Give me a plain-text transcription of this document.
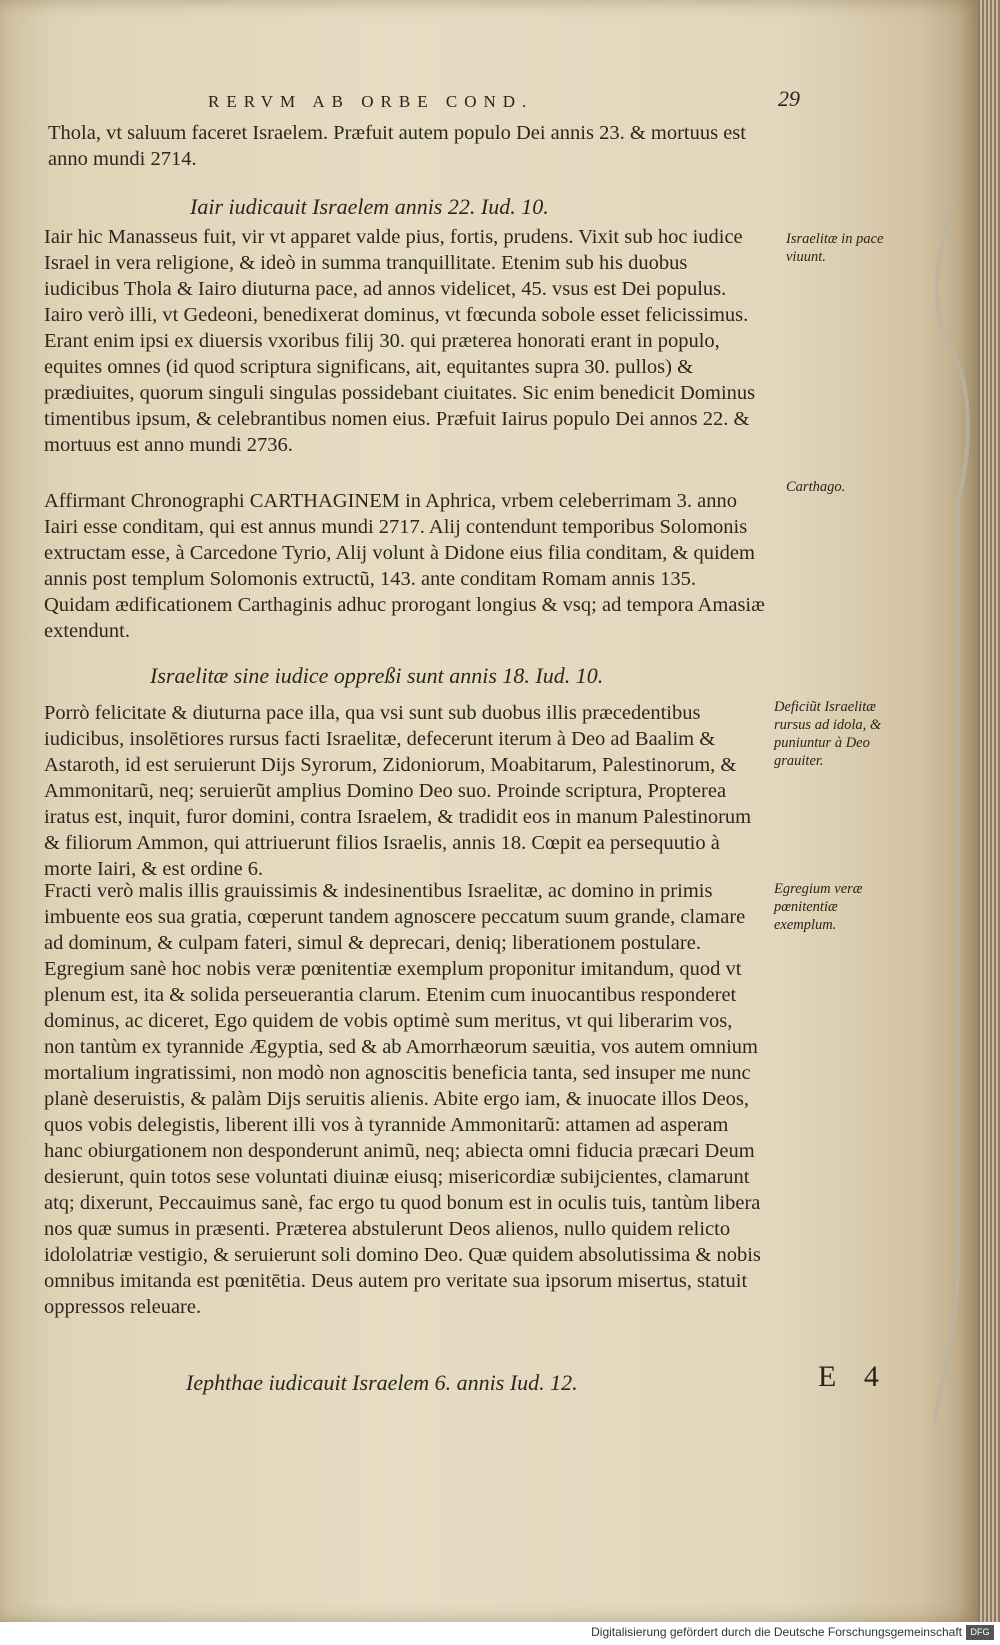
RERVM AB ORBE COND.	29

Thola, vt saluum faceret Israelem. Præfuit autem populo Dei annis 23. & mortuus est anno mundi 2714.

Iair iudicauit Israelem annis 22. Iud. 10.

Iair hic Manasseus fuit, vir vt apparet valde pius, fortis, prudens. Vixit sub hoc iudice Israel in vera religione, & ideò in summa tranquillitate. Etenim sub his duobus iudicibus Thola & Iairo diuturna pace, ad annos videlicet, 45. vsus est Dei populus. Iairo verò illi, vt Gedeoni, benedixerat dominus, vt fœcunda sobole esset felicissimus. Erant enim ipsi ex diuersis vxoribus filij 30. qui præterea honorati erant in populo, equites omnes (id quod scriptura significans, ait, equitantes supra 30. pullos) & prædiuites, quorum singuli singulas possidebant ciuitates. Sic enim benedicit Dominus timentibus ipsum, & celebrantibus nomen eius. Præfuit Iairus populo Dei annos 22. & mortuus est anno mundi 2736.

Affirmant Chronographi CARTHAGINEM in Aphrica, vrbem celeberrimam 3. anno Iairi esse conditam, qui est annus mundi 2717. Alij contendunt temporibus Solomonis extructam esse, à Carcedone Tyrio, Alij volunt à Didone eius filia conditam, & quidem annis post templum Solomonis extructũ, 143. ante conditam Romam annis 135. Quidam ædificationem Carthaginis adhuc prorogant longius & vsq; ad tempora Amasiæ extendunt.

Israelitæ sine iudice oppreßi sunt annis 18. Iud. 10.

Porrò felicitate & diuturna pace illa, qua vsi sunt sub duobus illis præcedentibus iudicibus, insolētiores rursus facti Israelitæ, defecerunt iterum à Deo ad Baalim & Astaroth, id est seruierunt Dijs Syrorum, Zidoniorum, Moabitarum, Palestinorum, & Ammonitarũ, neq; seruierũt amplius Domino Deo suo. Proinde scriptura, Propterea iratus est, inquit, furor domini, contra Israelem, & tradidit eos in manum Palestinorum & filiorum Ammon, qui attriuerunt filios Israelis, annis 18. Cœpit ea persequutio à morte Iairi, & est ordine 6.

Fracti verò malis illis grauissimis & indesinentibus Israelitæ, ac domino in primis imbuente eos sua gratia, cœperunt tandem agnoscere peccatum suum grande, clamare ad dominum, & culpam fateri, simul & deprecari, deniq; liberationem postulare. Egregium sanè hoc nobis veræ pœnitentiæ exemplum proponitur imitandum, quod vt plenum est, ita & solida perseuerantia clarum. Etenim cum inuocantibus responderet dominus, ac diceret, Ego quidem de vobis optimè sum meritus, vt qui liberarim vos, non tantùm ex tyrannide Ægyptia, sed & ab Amorrhæorum sæuitia, vos autem omnium mortalium ingratissimi, non modò non agnoscitis beneficia tanta, sed insuper me nunc planè deseruistis, & palàm Dijs seruitis alienis. Abite ergo iam, & inuocate illos Deos, quos vobis delegistis, liberent illi vos à tyrannide Ammonitarũ: attamen ad asperam hanc obiurgationem non desponderunt animũ, neq; abiecta omni fiducia præcari Deum desierunt, quin totos sese voluntati diuinæ eiusq; misericordiæ subijcientes, clamarunt atq; dixerunt, Peccauimus sanè, fac ergo tu quod bonum est in oculis tuis, tantùm libera nos quæ sumus in præsenti. Præterea abstulerunt Deos alienos, nullo quidem relicto idololatriæ vestigio, & seruierunt soli domino Deo. Quæ quidem absolutissima & nobis omnibus imitanda est pœnitētia. Deus autem pro veritate sua ipsorum misertus, statuit oppressos releuare.

Iephthae iudicauit Israelem 6. annis Iud. 12.	E 4
Israelitæ in pace viuunt.
Carthago.
Deficiũt Israelitæ rursus ad idola, & puniuntur à Deo grauiter.
Egregium veræ pœnitentiæ exemplum.
Digitalisierung gefördert durch die Deutsche Forschungsgemeinschaft DFG
